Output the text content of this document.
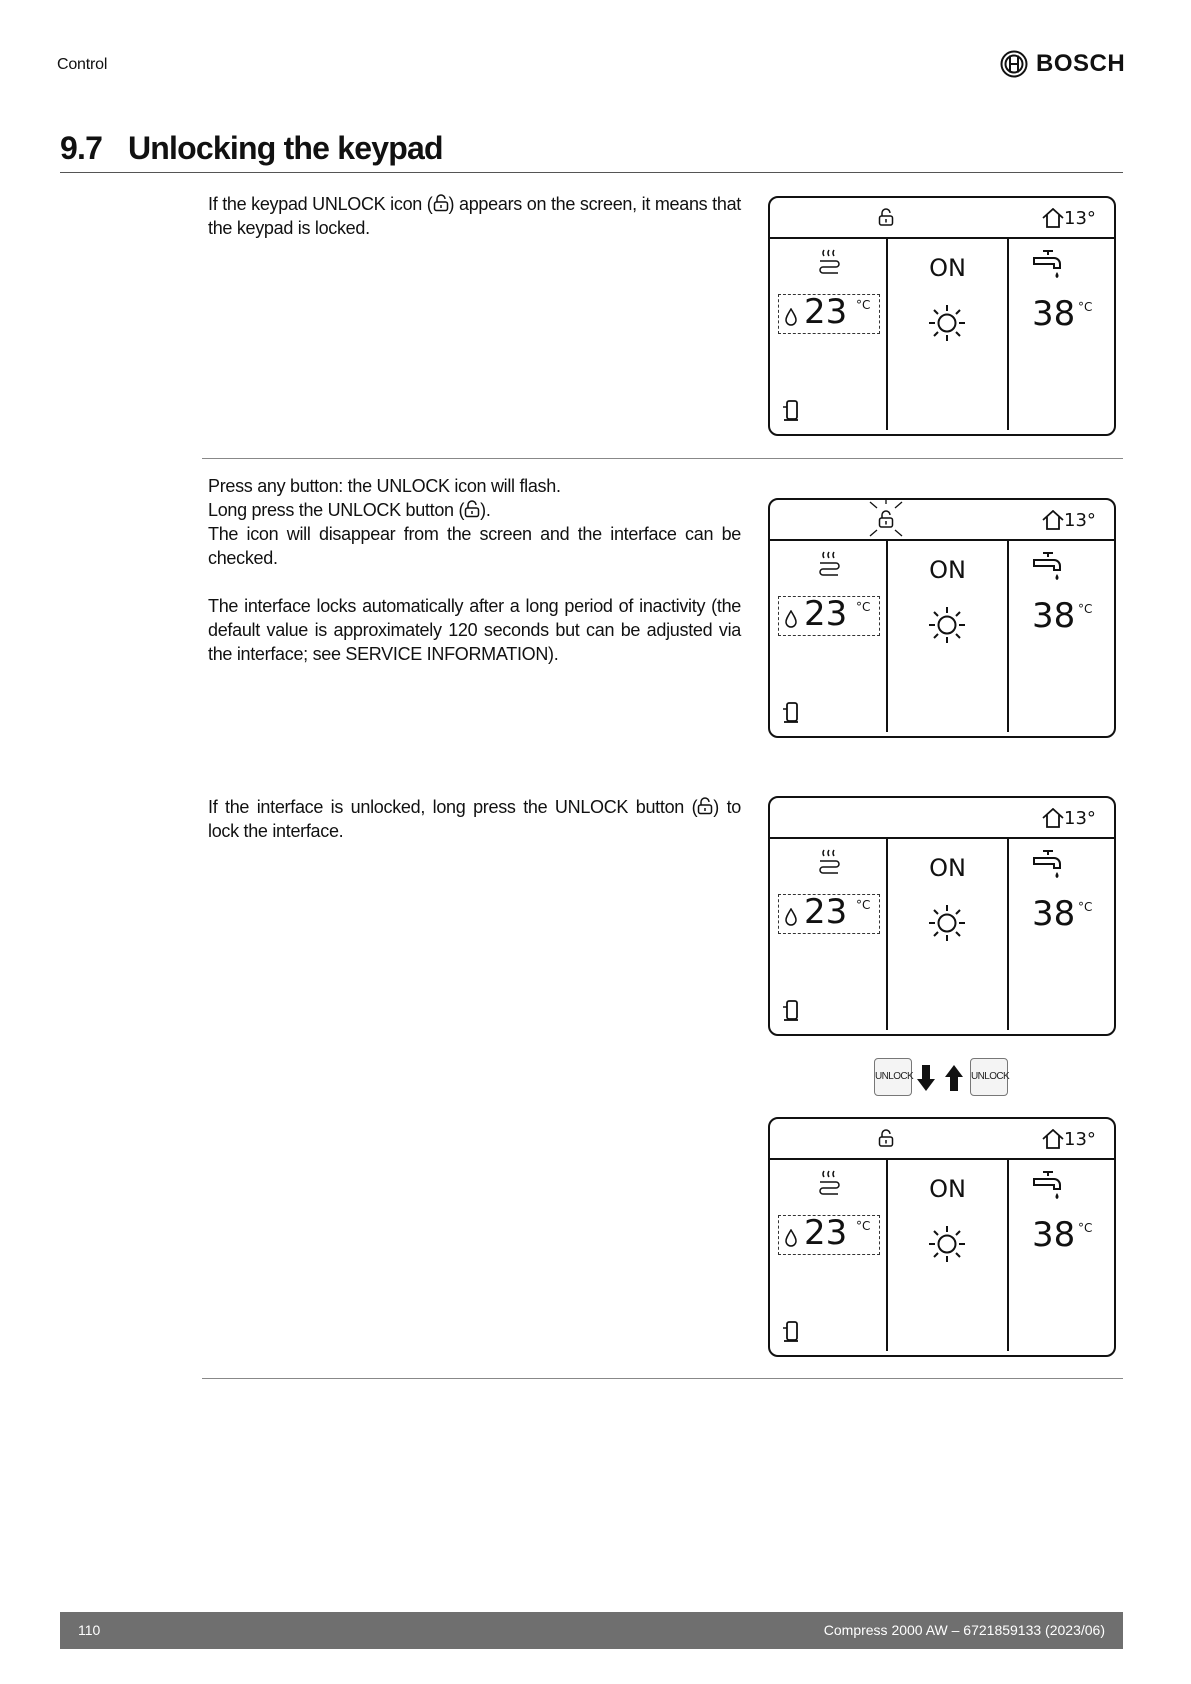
Control	BOSCH
9.7 Unlocking the keypad

If the keypad UNLOCK icon ( ) appears on the screen, it means that the keypad is locked.

Press any button: the UNLOCK icon will flash.

Long press the UNLOCK button ( ).

The icon will disappear from the screen and the interface can be checked.

The interface locks automatically after a long period of inactivity (the default value is approximately 120 seconds but can be adjusted via the interface; see SERVICE INFORMATION).

If the interface is unlocked, long press the UNLOCK button ( ) to lock the interface.

13°
23 °C
ON
38 °C
13°
23 °C
ON
38 °C
13°
23 °C
ON
38 °C
UNLOCK	UNLOCK
13°
23 °C
ON
38 °C
110	Compress 2000 AW – 6721859133 (2023/06)
